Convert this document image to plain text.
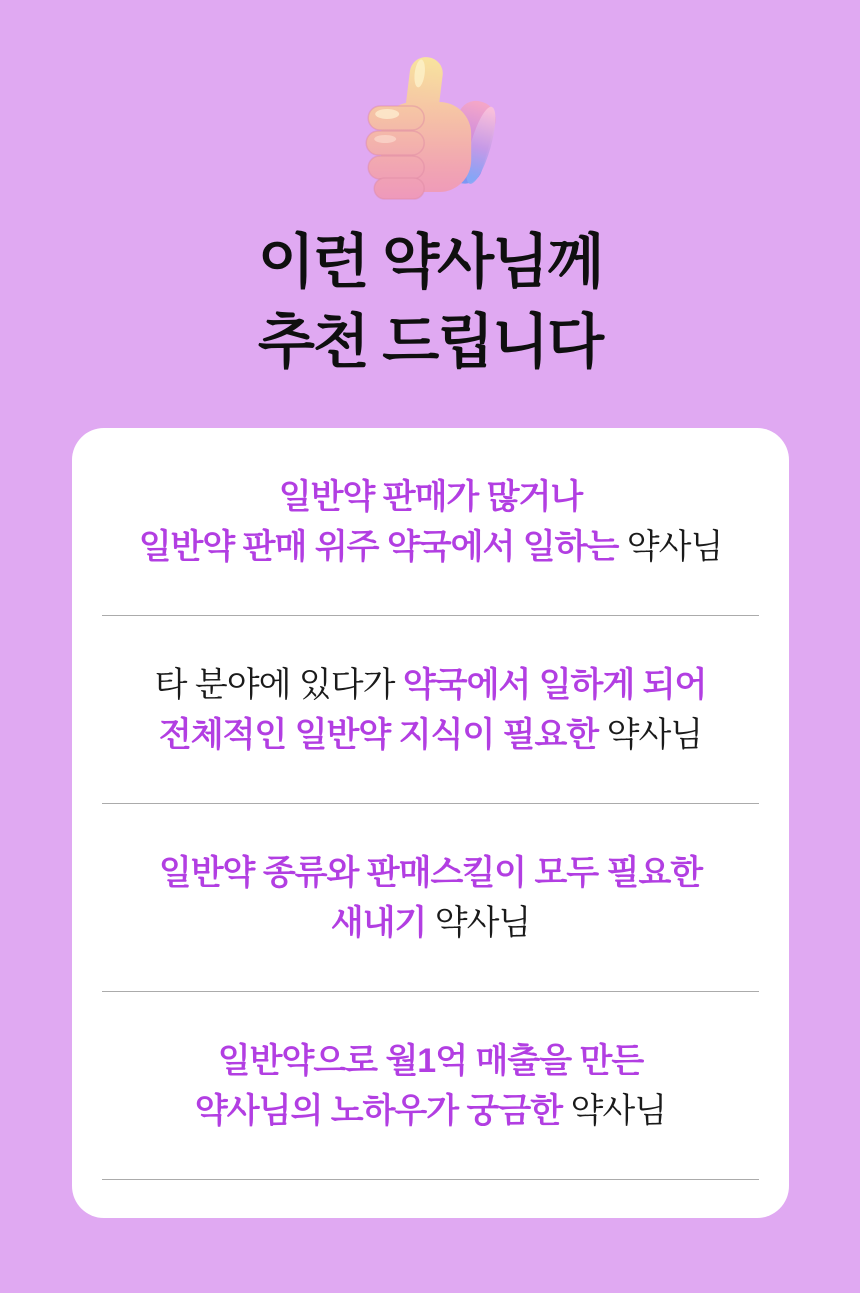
이런 약사님께
추천 드립니다

일반약 판매가 많거나

일반약 판매 위주 약국에서 일하는 약사님

타 분야에 있다가 약국에서 일하게 되어

전체적인 일반약 지식이 필요한 약사님

일반약 종류와 판매스킬이 모두 필요한

새내기 약사님

일반약으로 월1억 매출을 만든

약사님의 노하우가 궁금한 약사님
